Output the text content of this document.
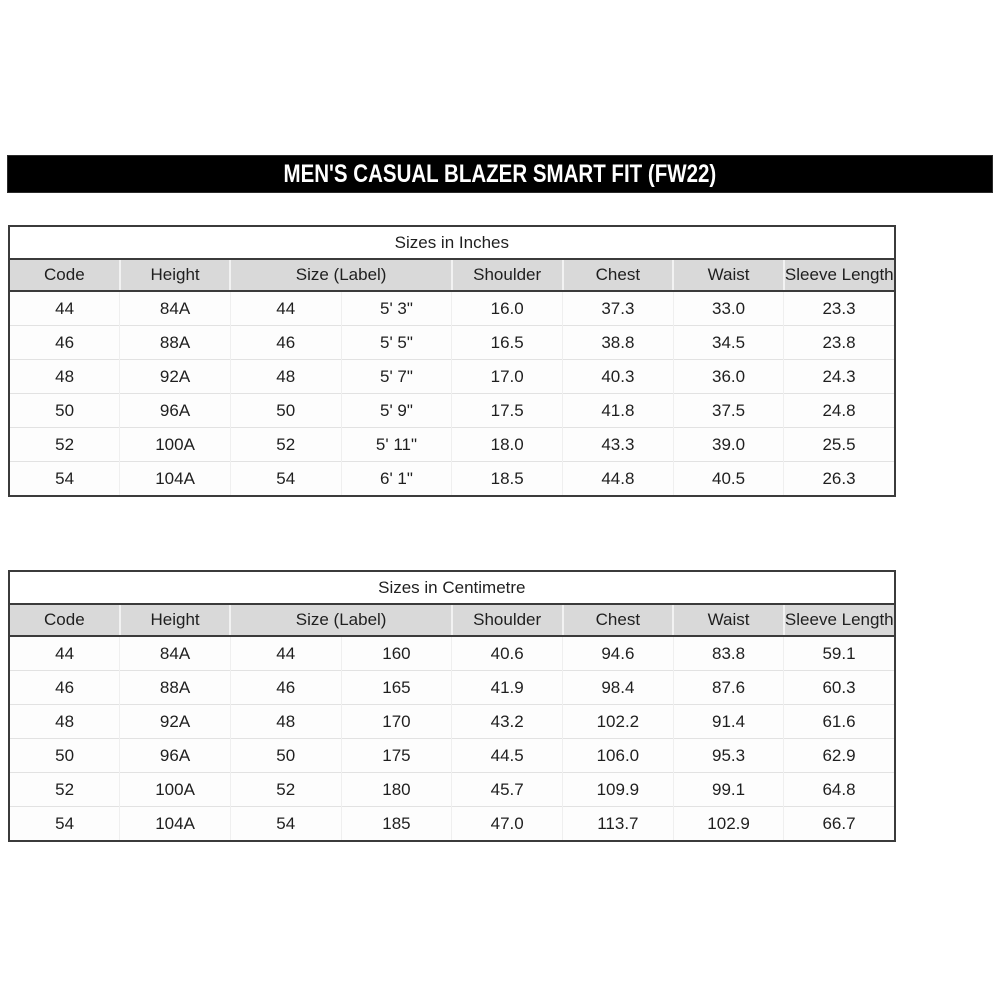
MEN'S CASUAL BLAZER SMART FIT (FW22)
Sizes in Inches							
Code	Height	Size (Label)		Shoulder	Chest	Waist	Sleeve Length
44	84A	44	5' 3"	16.0	37.3	33.0	23.3
46	88A	46	5' 5"	16.5	38.8	34.5	23.8
48	92A	48	5' 7"	17.0	40.3	36.0	24.3
50	96A	50	5' 9"	17.5	41.8	37.5	24.8
52	100A	52	5' 11"	18.0	43.3	39.0	25.5
54	104A	54	6' 1"	18.5	44.8	40.5	26.3
Sizes in Centimetre							
Code	Height	Size (Label)		Shoulder	Chest	Waist	Sleeve Length
44	84A	44	160	40.6	94.6	83.8	59.1
46	88A	46	165	41.9	98.4	87.6	60.3
48	92A	48	170	43.2	102.2	91.4	61.6
50	96A	50	175	44.5	106.0	95.3	62.9
52	100A	52	180	45.7	109.9	99.1	64.8
54	104A	54	185	47.0	113.7	102.9	66.7
